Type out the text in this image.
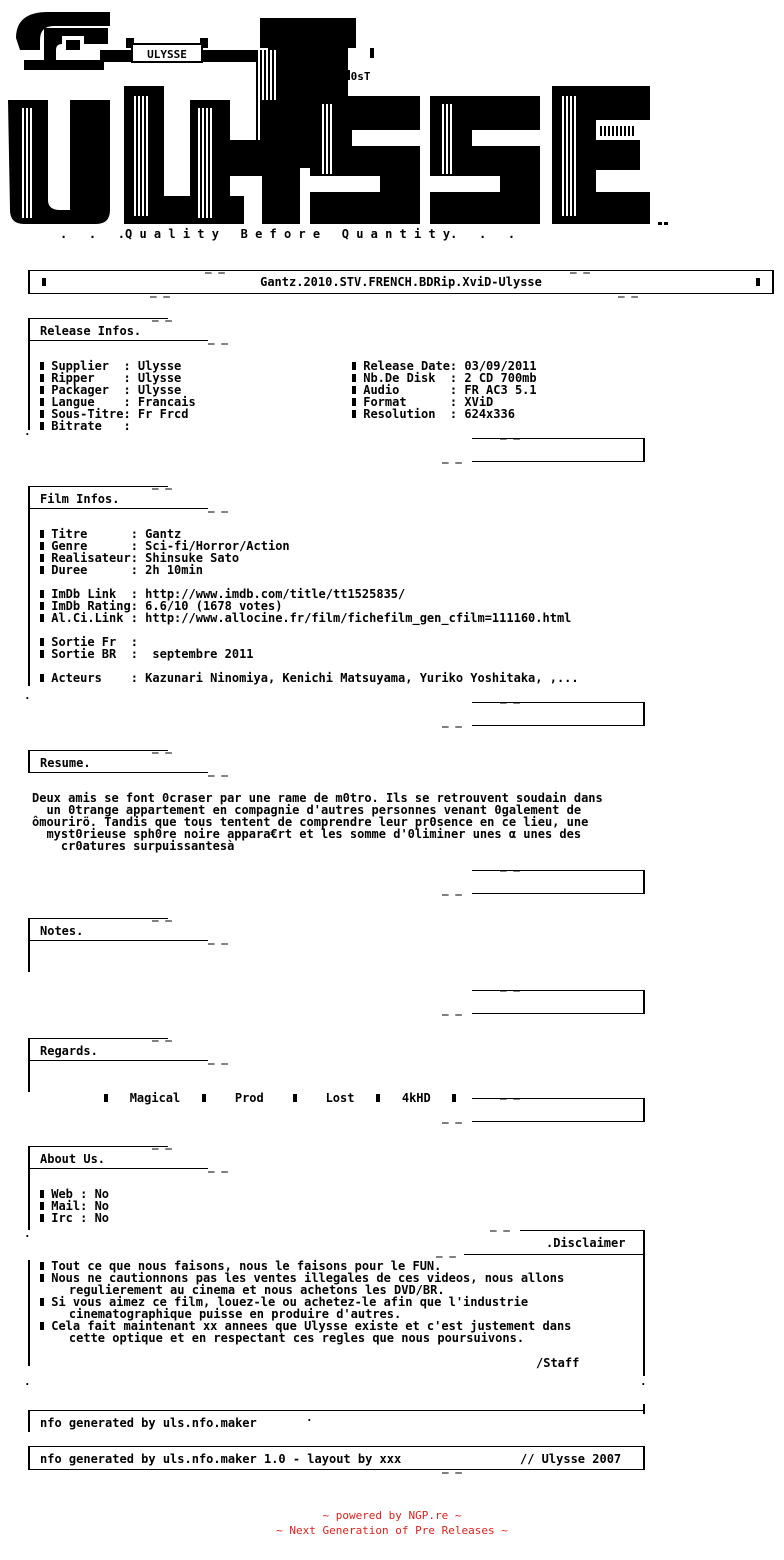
ULYSSE
F0sT
.   .   .Q u a l i t y   B e f o r e   Q u a n t i t y.   .   .
Gantz.2010.STV.FRENCH.BDRip.XviD-Ulysse
_ _	_ _
_ _	_ _
_ _
Release Infos.
_ _
Supplier  : Ulysse
Ripper    : Ulysse
Packager  : Ulysse
Langue    : Francais
Sous-Titre: Fr Frcd
Bitrate   :
Release Date: 03/09/2011
Nb.De Disk  : 2 CD 700mb
Audio       : FR AC3 5.1
Format      : XViD
Resolution  : 624x336
_ _
_ _
.
_ _
Film Infos.
_ _
Titre      : Gantz
Genre      : Sci-fi/Horror/Action
Realisateur: Shinsuke Sato
Duree      : 2h 10min
ImDb Link  : http://www.imdb.com/title/tt1525835/
ImDb Rating: 6.6/10 (1678 votes)
Al.Ci.Link : http://www.allocine.fr/film/fichefilm_gen_cfilm=111160.html
Sortie Fr  :
Sortie BR  :  septembre 2011
Acteurs    : Kazunari Ninomiya, Kenichi Matsuyama, Yuriko Yoshitaka, ,...
_ _
_ _
.
_ _
Resume.
_ _
Deux amis se font 0craser par une rame de m0tro. Ils se retrouvent soudain dans
un 0trange appartement en compagnie d'autres personnes venant 0galement de
ômourirö. Tandis que tous tentent de comprendre leur pr0sence en ce lieu, une
myst0rieuse sph0re noire appara€rt et les somme d'0liminer unes α unes des
cr0atures surpuissantesà
_ _
_ _
_ _
Notes.
_ _
_ _
_ _
_ _
Regards.
_ _

Magical	Prod	Lost	4kHD
_ _
_ _
_ _
About Us.
_ _
Web : No
Mail: No
Irc : No
.
_ _
.Disclaimer
_ _
Tout ce que nous faisons, nous le faisons pour le FUN.
Nous ne cautionnons pas les ventes illegales de ces videos, nous allons
regulierement au cinema et nous achetons les DVD/BR.
Si vous aimez ce film, louez-le ou achetez-le afin que l'industrie
cinematographique puisse en produire d'autres.
Cela fait maintenant xx annees que Ulysse existe et c'est justement dans
cette optique et en respectant ces regles que nous poursuivons.
/Staff
.	.
nfo generated by uls.nfo.maker	.
nfo generated by uls.nfo.maker 1.0 - layout by xxx	// Ulysse 2007
_ _
~ powered by NGP.re ~
~ Next Generation of Pre Releases ~
